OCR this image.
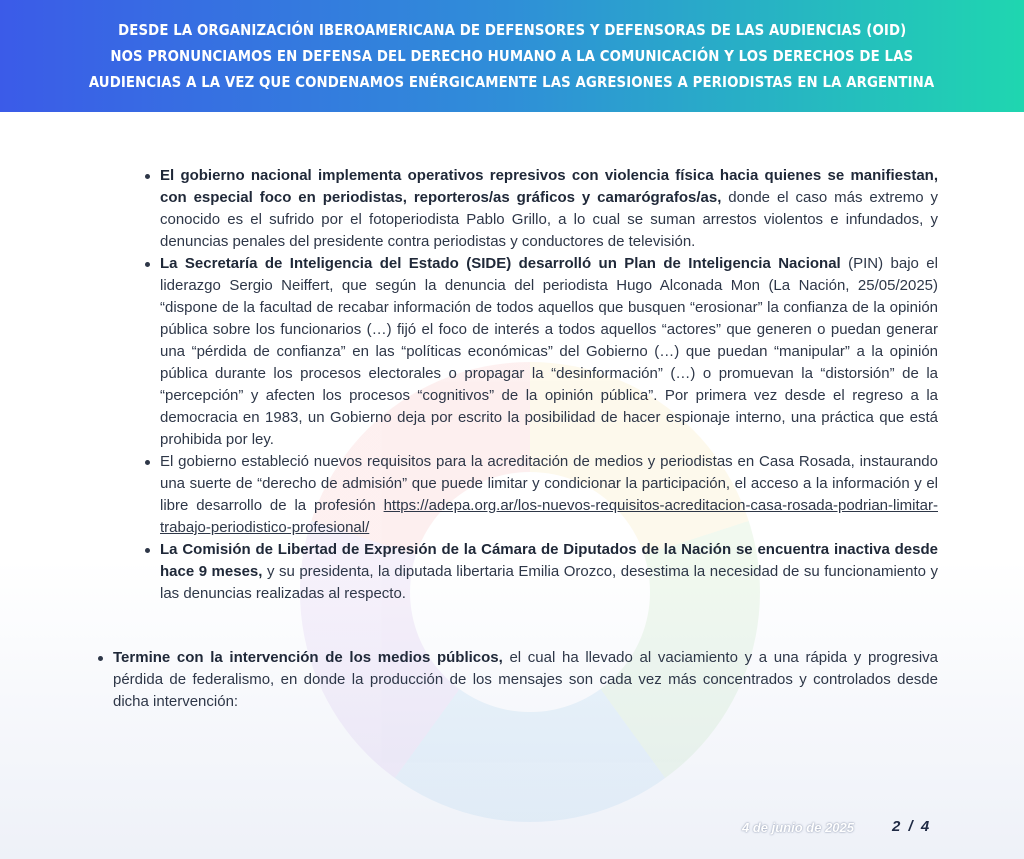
DESDE LA ORGANIZACIÓN IBEROAMERICANA DE DEFENSORES Y DEFENSORAS DE LAS AUDIENCIAS (OID)
NOS PRONUNCIAMOS EN DEFENSA DEL DERECHO HUMANO A LA COMUNICACIÓN Y LOS DERECHOS DE LAS
AUDIENCIAS A LA VEZ QUE CONDENAMOS ENÉRGICAMENTE LAS AGRESIONES A PERIODISTAS EN LA ARGENTINA
El gobierno nacional implementa operativos represivos con violencia física hacia quienes se manifiestan, con especial foco en periodistas, reporteros/as gráficos y camarógrafos/as, donde el caso más extremo y conocido es el sufrido por el fotoperiodista Pablo Grillo, a lo cual se suman arrestos violentos e infundados, y denuncias penales del presidente contra periodistas y conductores de televisión.
La Secretaría de Inteligencia del Estado (SIDE) desarrolló un Plan de Inteligencia Nacional (PIN) bajo el liderazgo Sergio Neiffert, que según la denuncia del periodista Hugo Alconada Mon (La Nación, 25/05/2025) “dispone de la facultad de recabar información de todos aquellos que busquen “erosionar” la confianza de la opinión pública sobre los funcionarios (…) fijó el foco de interés a todos aquellos “actores” que generen o puedan generar una “pérdida de confianza” en las “políticas económicas” del Gobierno (…) que puedan “manipular” a la opinión pública durante los procesos electorales o propagar la “desinformación” (…) o promuevan la “distorsión” de la “percepción” y afecten los procesos “cognitivos” de la opinión pública”. Por primera vez desde el regreso a la democracia en 1983, un Gobierno deja por escrito la posibilidad de hacer espionaje interno, una práctica que está prohibida por ley.
El gobierno estableció nuevos requisitos para la acreditación de medios y periodistas en Casa Rosada, instaurando una suerte de “derecho de admisión” que puede limitar y condicionar la participación, el acceso a la información y el libre desarrollo de la profesión https://adepa.org.ar/los-nuevos-requisitos-acreditacion-casa-rosada-podrian-limitar-trabajo-periodistico-profesional/
La Comisión de Libertad de Expresión de la Cámara de Diputados de la Nación se encuentra inactiva desde hace 9 meses, y su presidenta, la diputada libertaria Emilia Orozco, desestima la necesidad de su funcionamiento y las denuncias realizadas al respecto.
Termine con la intervención de los medios públicos, el cual ha llevado al vaciamiento y a una rápida y progresiva pérdida de federalismo, en donde la producción de los mensajes son cada vez más concentrados y controlados desde dicha intervención:
4 de junio de 2025	2 / 4
